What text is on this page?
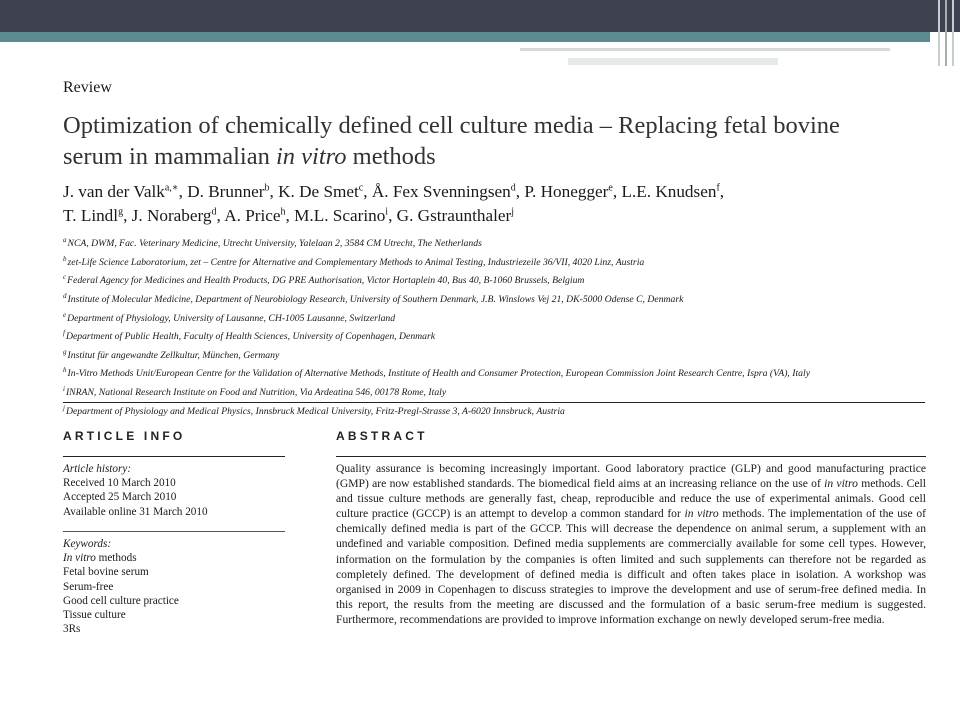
Review
Optimization of chemically defined cell culture media – Replacing fetal bovine serum in mammalian in vitro methods
J. van der Valk$^{a,∗}$, D. Brunner$^b$, K. De Smet$^c$, Å. Fex Svenningsen$^d$, P. Honegger$^e$, L.E. Knudsen$^f$,
T. Lindl$^g$, J. Noraberg$^d$, A. Price$^h$, M.L. Scarino$^i$, G. Gstraunthaler$^j$
$^a$NCA, DWM, Fac. Veterinary Medicine, Utrecht University, Yalelaan 2, 3584 CM Utrecht, The Netherlands
$^b$zet-Life Science Laboratorium, zet – Centre for Alternative and Complementary Methods to Animal Testing, Industriezeile 36/VII, 4020 Linz, Austria
$^c$Federal Agency for Medicines and Health Products, DG PRE Authorisation, Victor Hortaplein 40, Bus 40, B-1060 Brussels, Belgium
$^d$Institute of Molecular Medicine, Department of Neurobiology Research, University of Southern Denmark, J.B. Winslows Vej 21, DK-5000 Odense C, Denmark
$^e$Department of Physiology, University of Lausanne, CH-1005 Lausanne, Switzerland
$^f$Department of Public Health, Faculty of Health Sciences, University of Copenhagen, Denmark
$^g$Institut für angewandte Zellkultur, München, Germany
$^h$In-Vitro Methods Unit/European Centre for the Validation of Alternative Methods, Institute of Health and Consumer Protection, European Commission Joint Research Centre, Ispra (VA), Italy
$^i$INRAN, National Research Institute on Food and Nutrition, Via Ardeatina 546, 00178 Rome, Italy
$^j$Department of Physiology and Medical Physics, Innsbruck Medical University, Fritz-Pregl-Strasse 3, A-6020 Innsbruck, Austria
ARTICLE INFO	ABSTRACT
Article history:
Received 10 March 2010
Accepted 25 March 2010
Available online 31 March 2010
Keywords:
In vitro methods
Fetal bovine serum
Serum-free
Good cell culture practice
Tissue culture
3Rs
Quality assurance is becoming increasingly important. Good laboratory practice (GLP) and good manufacturing practice (GMP) are now established standards. The biomedical field aims at an increasing reliance on the use of in vitro methods. Cell and tissue culture methods are generally fast, cheap, reproducible and reduce the use of experimental animals. Good cell culture practice (GCCP) is an attempt to develop a common standard for in vitro methods. The implementation of the use of chemically defined media is part of the GCCP. This will decrease the dependence on animal serum, a supplement with an undefined and variable composition. Defined media supplements are commercially available for some cell types. However, information on the formulation by the companies is often limited and such supplements can therefore not be regarded as completely defined. The development of defined media is difficult and often takes place in isolation. A workshop was organised in 2009 in Copenhagen to discuss strategies to improve the development and use of serum-free defined media. In this report, the results from the meeting are discussed and the formulation of a basic serum-free medium is suggested. Furthermore, recommendations are provided to improve information exchange on newly developed serum-free media.
